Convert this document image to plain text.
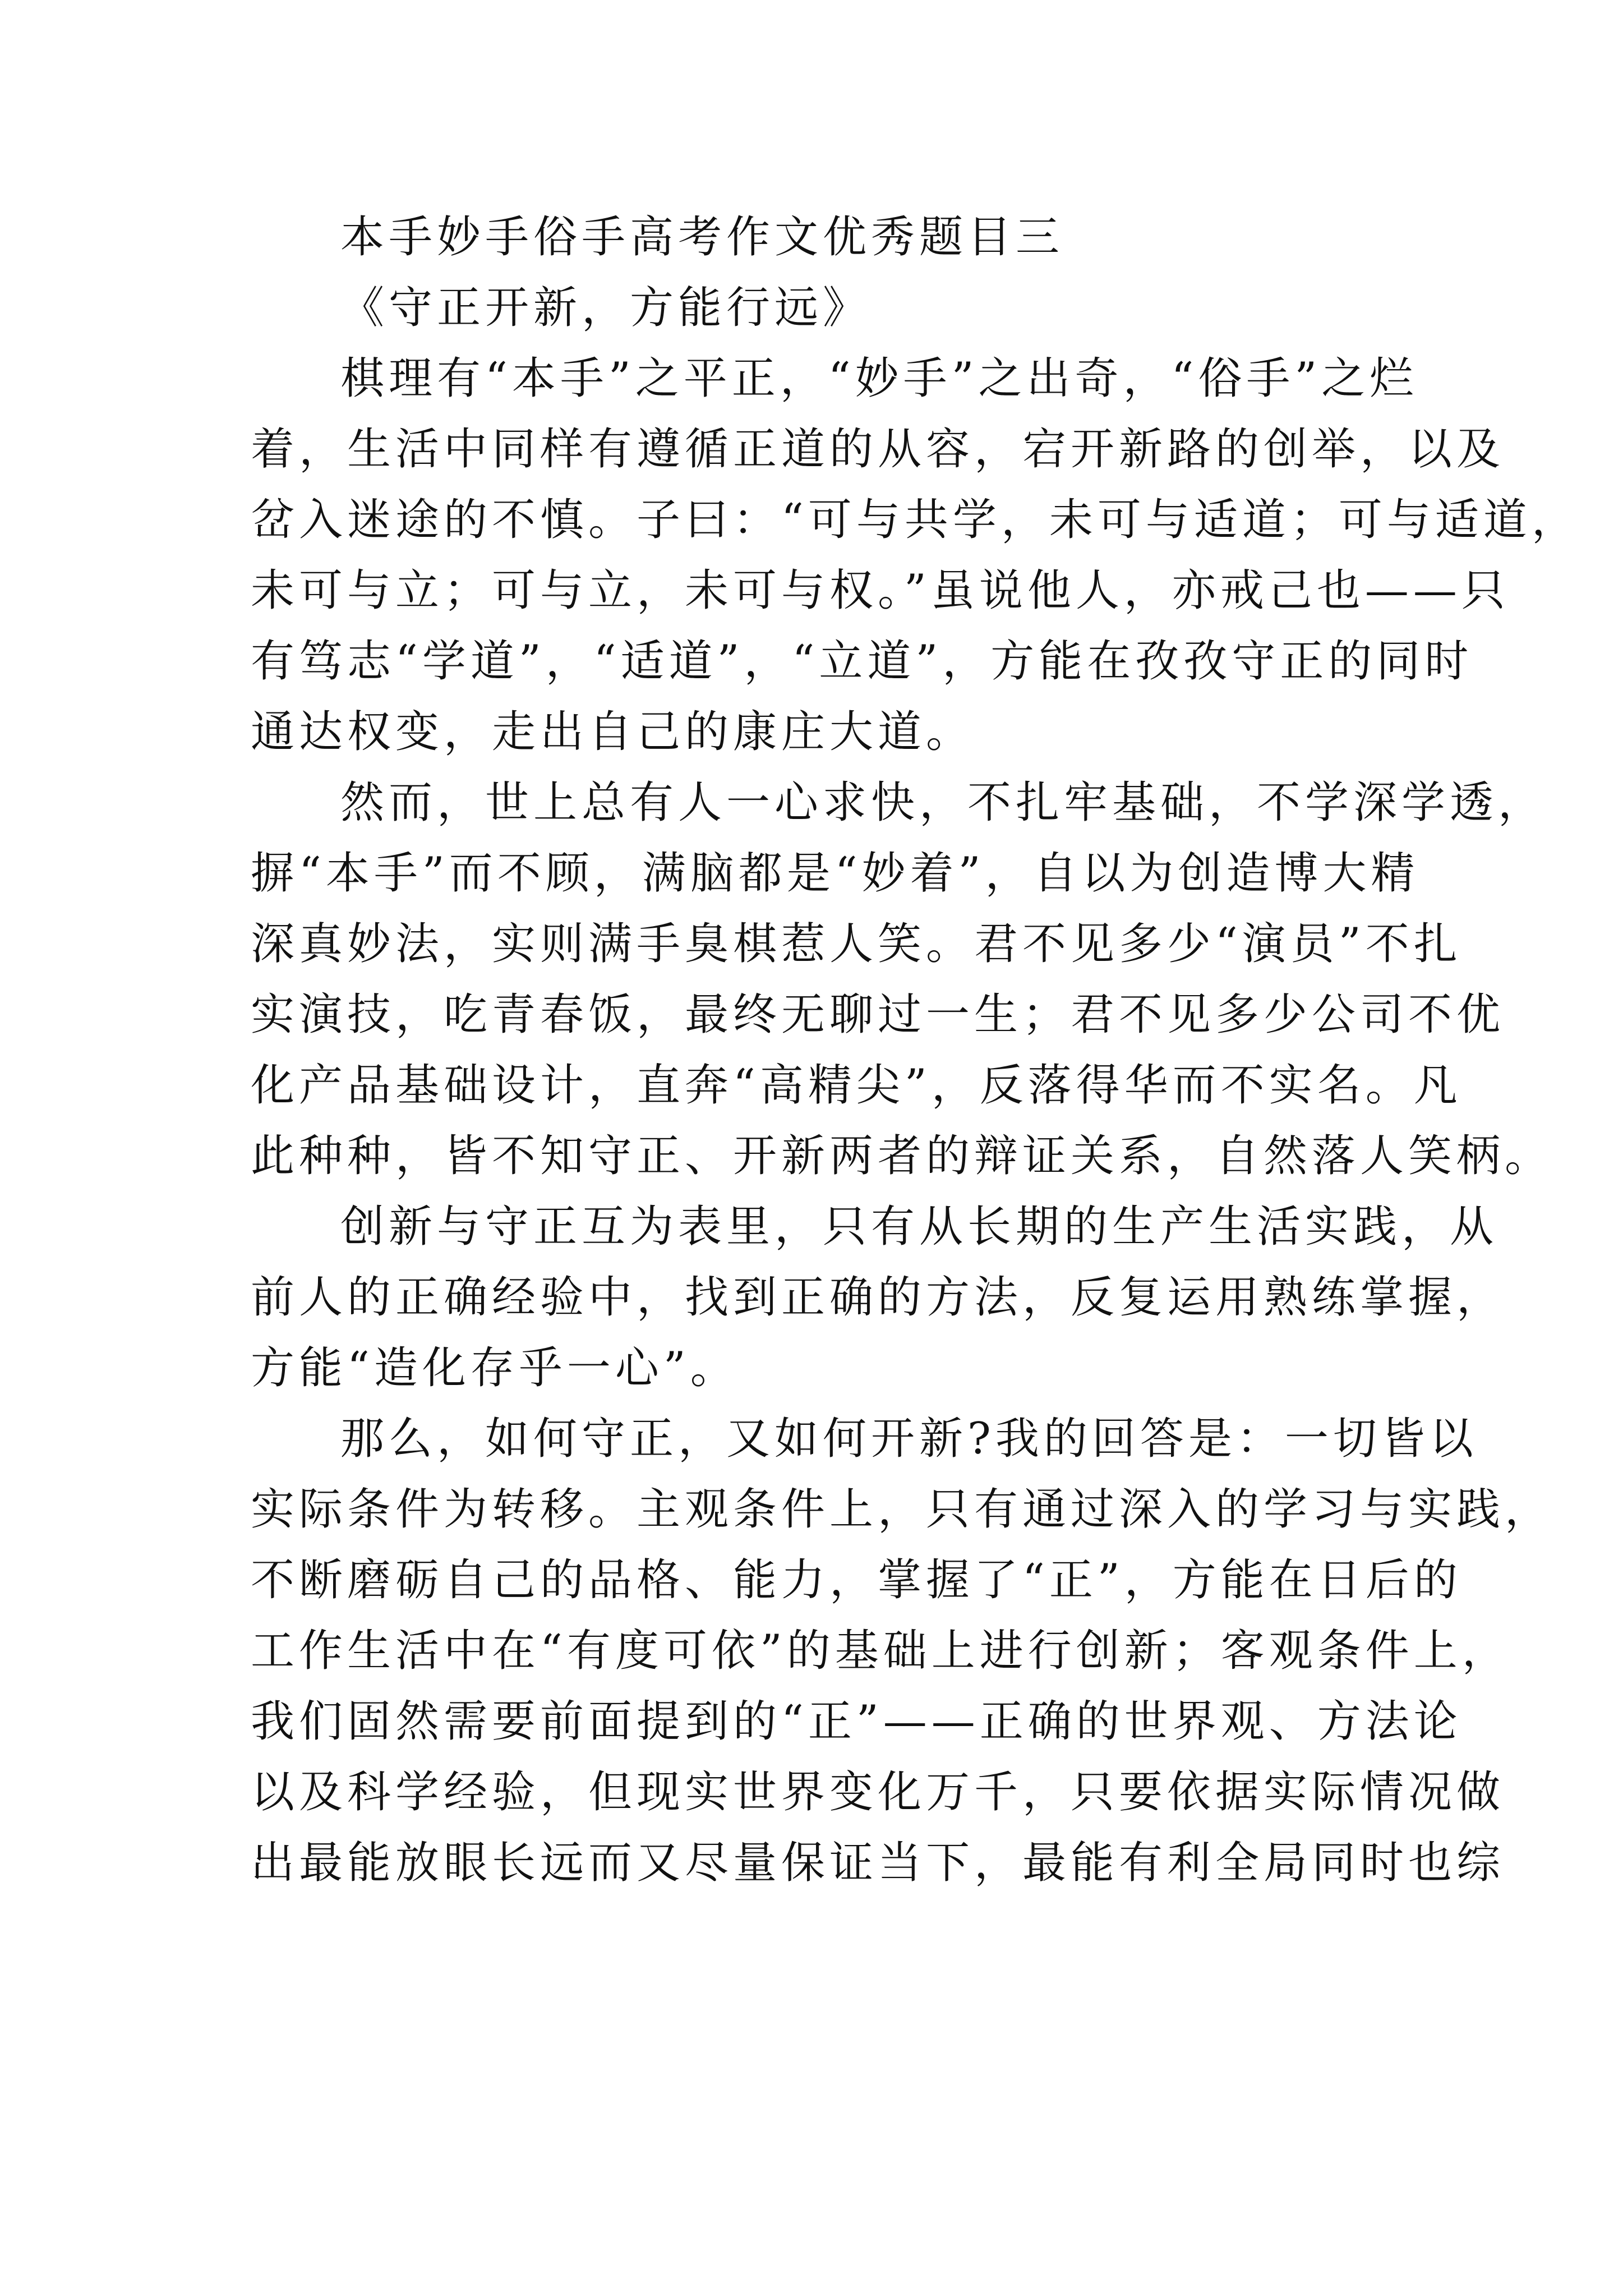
本手妙手俗手高考作文优秀题目三
《守正开新，方能行远》
棋理有“本手”之平正，“妙手”之出奇，“俗手”之烂
着，生活中同样有遵循正道的从容，宕开新路的创举，以及
岔入迷途的不慎。子曰：“可与共学，未可与适道；可与适道，
未可与立；可与立，未可与权。”虽说他人，亦戒己也——只
有笃志“学道”，“适道”，“立道”，方能在孜孜守正的同时
通达权变，走出自己的康庄大道。
然而，世上总有人一心求快，不扎牢基础，不学深学透，
摒“本手”而不顾，满脑都是“妙着”，自以为创造博大精
深真妙法，实则满手臭棋惹人笑。君不见多少“演员”不扎
实演技，吃青春饭，最终无聊过一生；君不见多少公司不优
化产品基础设计，直奔“高精尖”，反落得华而不实名。凡
此种种，皆不知守正、开新两者的辩证关系，自然落人笑柄。
创新与守正互为表里，只有从长期的生产生活实践，从
前人的正确经验中，找到正确的方法，反复运用熟练掌握，
方能“造化存乎一心”。
那么，如何守正，又如何开新?我的回答是：一切皆以
实际条件为转移。主观条件上，只有通过深入的学习与实践，
不断磨砺自己的品格、能力，掌握了“正”，方能在日后的
工作生活中在“有度可依”的基础上进行创新；客观条件上，
我们固然需要前面提到的“正”——正确的世界观、方法论
以及科学经验，但现实世界变化万千，只要依据实际情况做
出最能放眼长远而又尽量保证当下，最能有利全局同时也综
